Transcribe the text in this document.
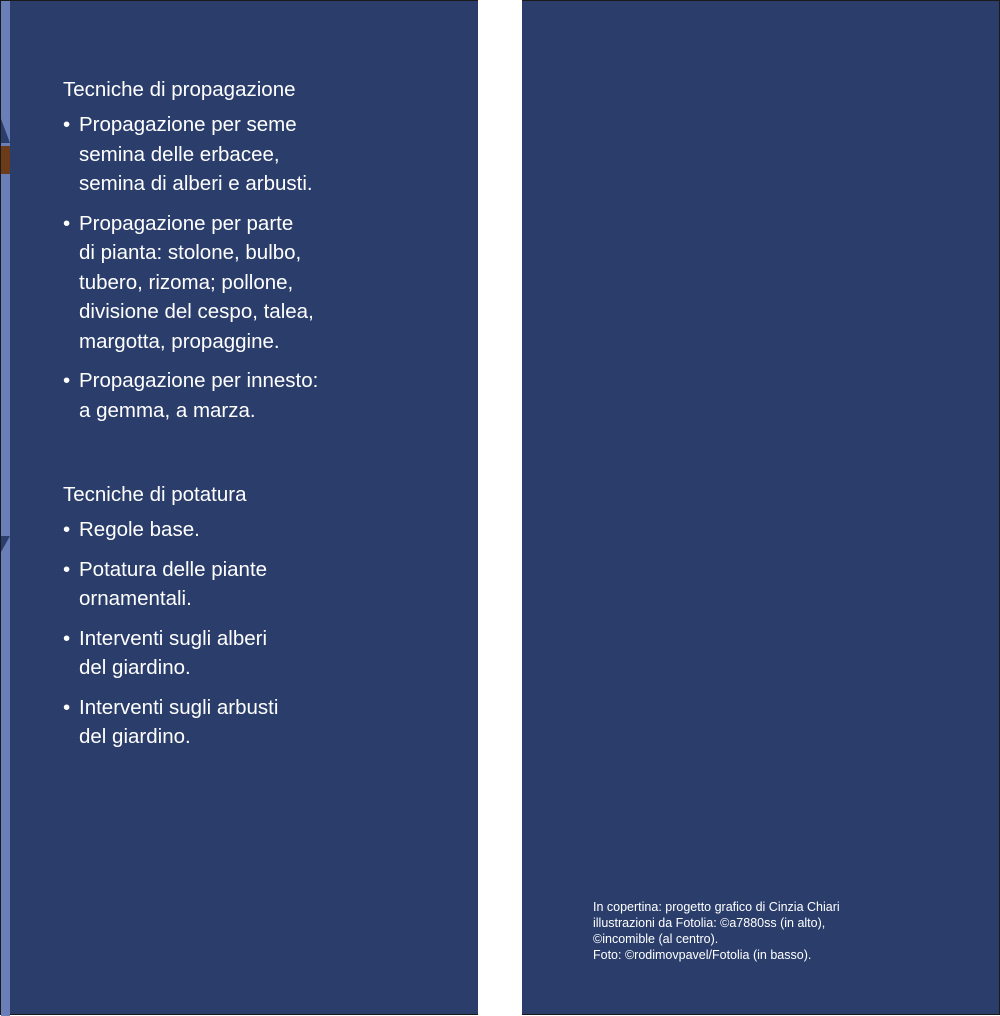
Tecniche di propagazione
• Propagazione per seme
semina delle erbacee,
semina di alberi e arbusti.
• Propagazione per parte
di pianta: stolone, bulbo,
tubero, rizoma; pollone,
divisione del cespo, talea,
margotta, propaggine.
• Propagazione per innesto:
a gemma, a marza.
Tecniche di potatura
• Regole base.
• Potatura delle piante
ornamentali.
• Interventi sugli alberi
del giardino.
• Interventi sugli arbusti
del giardino.
In copertina: progetto grafico di Cinzia Chiari
illustrazioni da Fotolia: ©a7880ss (in alto),
©incomible (al centro).
Foto: ©rodimovpavel/Fotolia (in basso).
